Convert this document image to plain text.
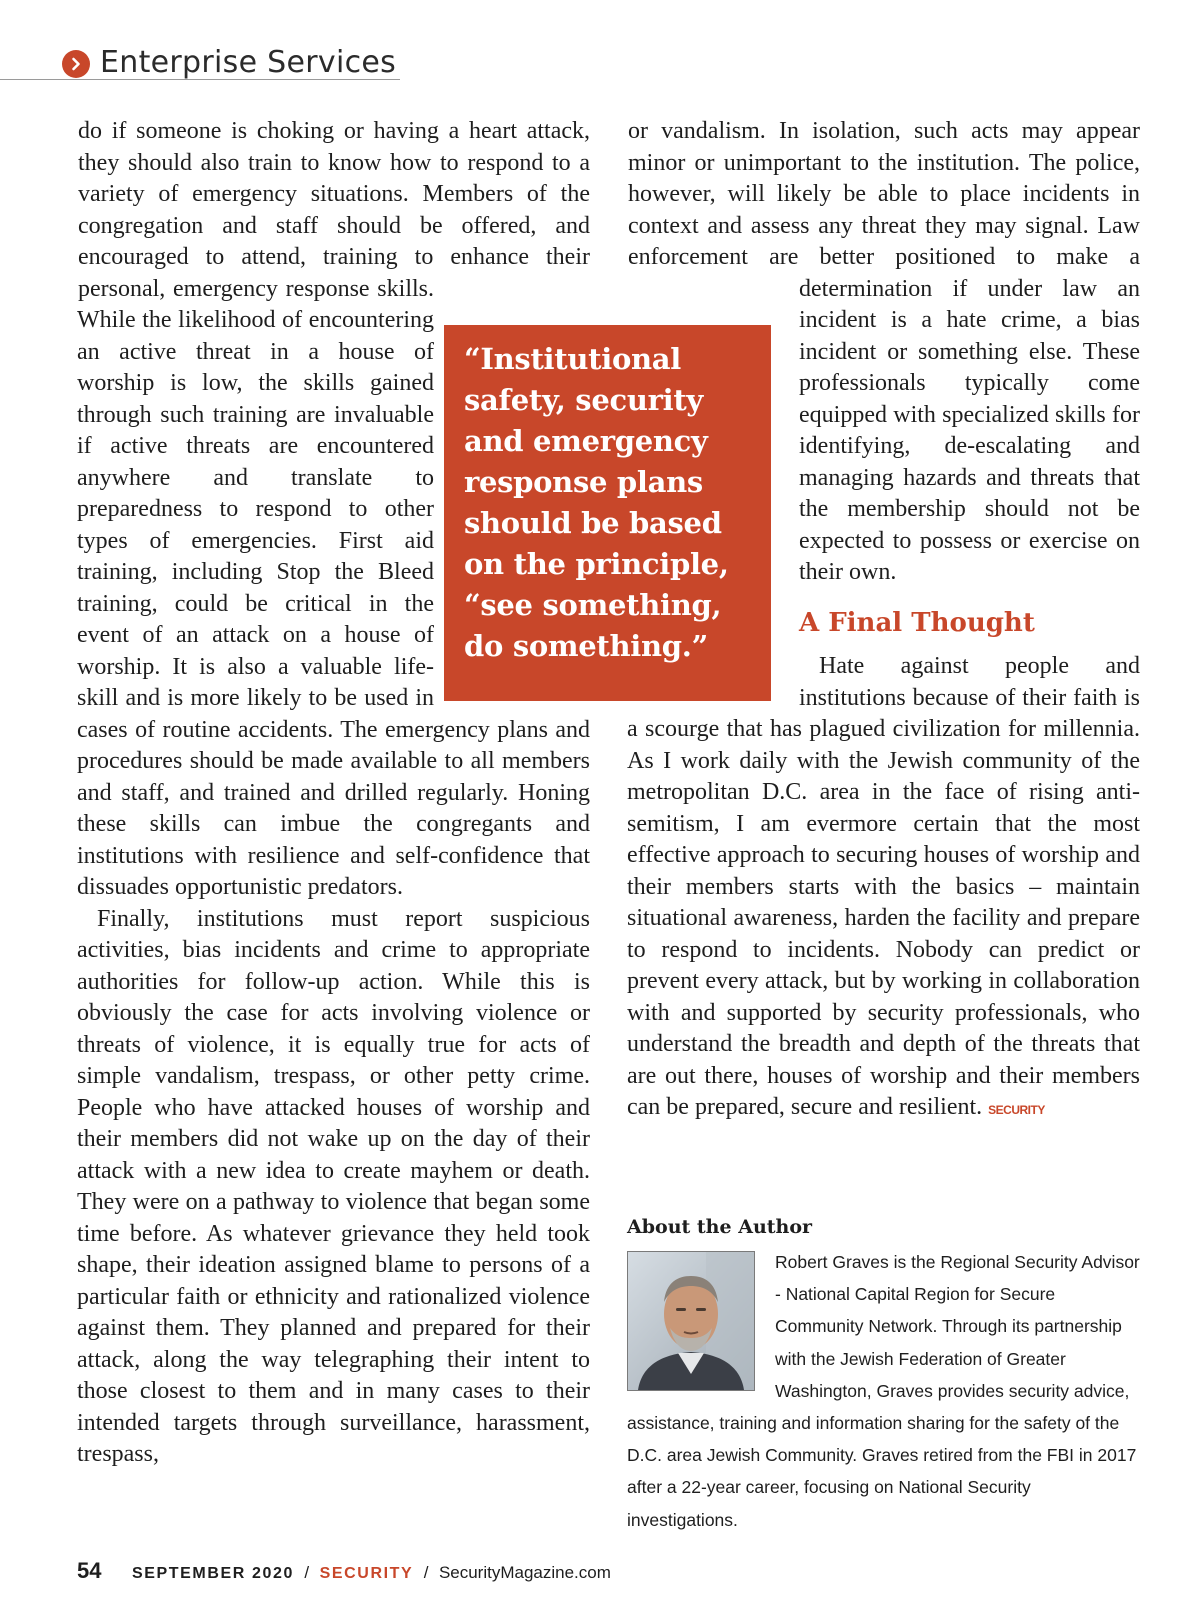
Enterprise Services

do if someone is choking or having a heart attack, they should also train to know how to respond to a variety of emergency situations. Members of the congregation and staff should be offered, and encouraged to attend, training to enhance their personal, emergency response skills. While the likelihood of encountering an active threat in a house of worship is low, the skills gained through such training are invaluable if active threats are encountered anywhere and translate to preparedness to respond to other types of emergencies. First aid training, including Stop the Bleed training, could be critical in the event of an attack on a house of worship. It is also a valuable life-skill and is more likely to be used in cases of routine accidents. The emergency plans and procedures should be made available to all members and staff, and trained and drilled regularly. Honing these skills can imbue the congregants and institutions with resilience and self-confidence that dissuades opportunistic predators.

Finally, institutions must report suspicious activities, bias incidents and crime to appropriate authorities for follow-up action. While this is obviously the case for acts involving violence or threats of violence, it is equally true for acts of simple vandalism, trespass, or other petty crime. People who have attacked houses of worship and their members did not wake up on the day of their attack with a new idea to create mayhem or death. They were on a pathway to violence that began some time before. As whatever grievance they held took shape, their ideation assigned blame to persons of a particular faith or ethnicity and rationalized violence against them. They planned and prepared for their attack, along the way telegraphing their intent to those closest to them and in many cases to their intended targets through surveillance, harassment, trespass,

“Institutional safety, security and emergency response plans should be based on the principle, “see something, do something.”

or vandalism. In isolation, such acts may appear minor or unimportant to the institution. The police, however, will likely be able to place incidents in context and assess any threat they may signal. Law enforcement are better positioned to make a determination if under law an incident is a hate crime, a bias incident or something else. These professionals typically come equipped with specialized skills for identifying, de-escalating and managing hazards and threats that the membership should not be expected to possess or exercise on their own.

A Final Thought

Hate against people and institutions because of their faith is a scourge that has plagued civilization for millennia. As I work daily with the Jewish community of the metropolitan D.C. area in the face of rising anti-semitism, I am evermore certain that the most effective approach to securing houses of worship and their members starts with the basics – maintain situational awareness, harden the facility and prepare to respond to incidents. Nobody can predict or prevent every attack, but by working in collaboration with and supported by security professionals, who understand the breadth and depth of the threats that are out there, houses of worship and their members can be prepared, secure and resilient. SECURITY

About the Author
Robert Graves is the Regional Security Advisor - National Capital Region for Secure Community Network. Through its partnership with the Jewish Federation of Greater Washington, Graves provides security advice, assistance, training and information sharing for the safety of the D.C. area Jewish Community. Graves retired from the FBI in 2017 after a 22-year career, focusing on National Security investigations.
54 SEPTEMBER 2020 / SECURITY / SecurityMagazine.com
